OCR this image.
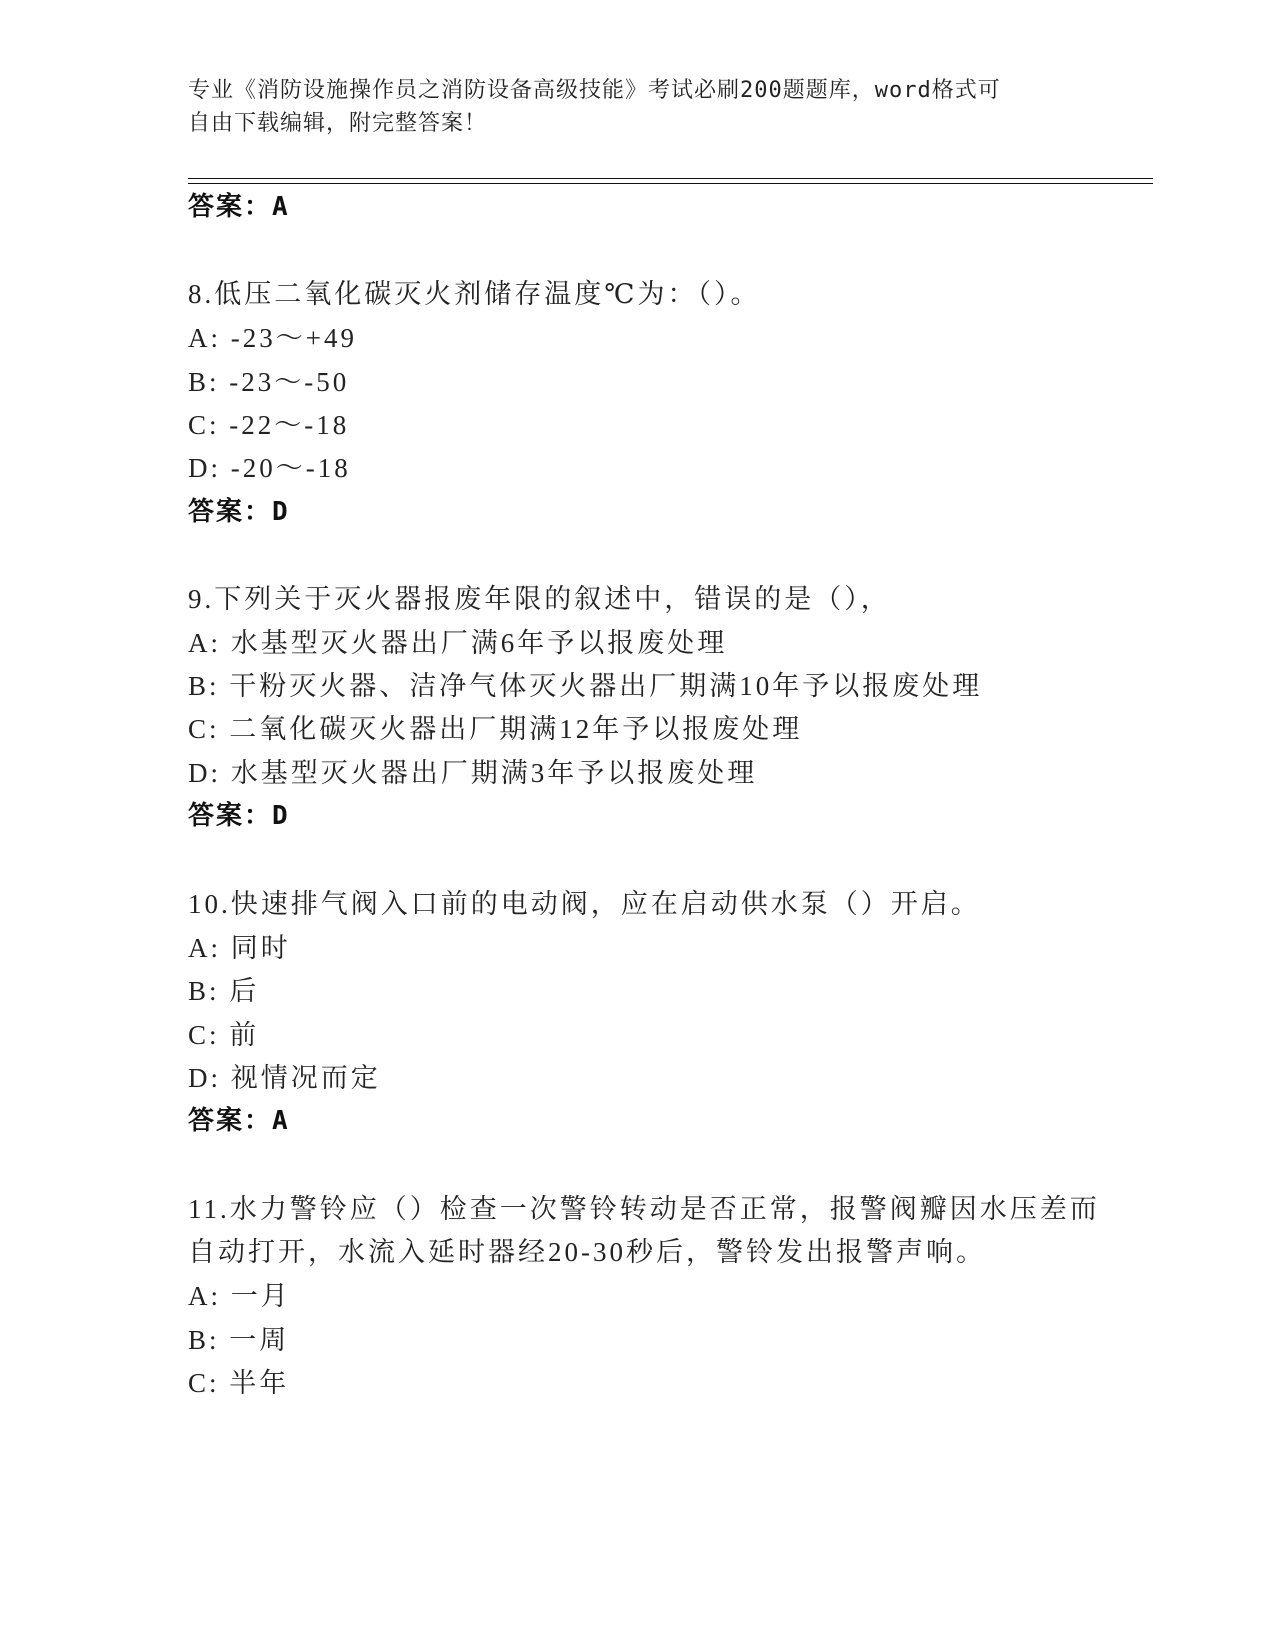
专业《消防设施操作员之消防设备高级技能》考试必刷200题题库，word格式可
自由下载编辑，附完整答案！
答案：A
8.低压二氧化碳灭火剂储存温度℃为：（）。
A: -23～+49
B: -23～-50
C: -22～-18
D: -20～-18
答案：D
9.下列关于灭火器报废年限的叙述中，错误的是（），
A: 水基型灭火器出厂满6年予以报废处理
B: 干粉灭火器、洁净气体灭火器出厂期满10年予以报废处理
C: 二氧化碳灭火器出厂期满12年予以报废处理
D: 水基型灭火器出厂期满3年予以报废处理
答案：D
10.快速排气阀入口前的电动阀，应在启动供水泵（）开启。
A: 同时
B: 后
C: 前
D: 视情况而定
答案：A
11.水力警铃应（）检查一次警铃转动是否正常，报警阀瓣因水压差而
自动打开，水流入延时器经20-30秒后，警铃发出报警声响。
A: 一月
B: 一周
C: 半年
